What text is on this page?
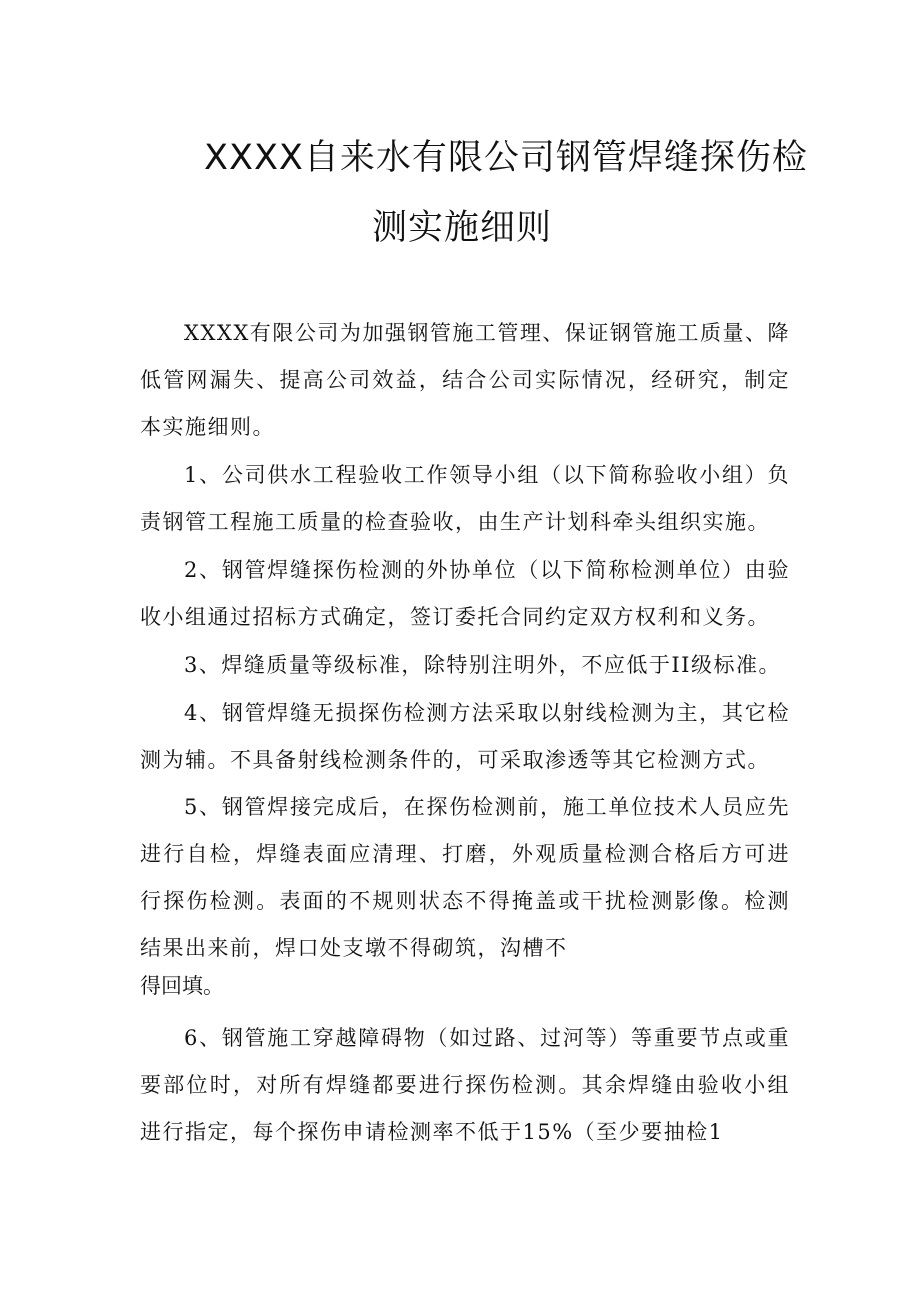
XXXX自来水有限公司钢管焊缝探伤检
测实施细则

XXXX有限公司为加强钢管施工管理、保证钢管施工质量、降低管网漏失、提高公司效益，结合公司实际情况，经研究，制定本实施细则。

1、公司供水工程验收工作领导小组（以下简称验收小组）负责钢管工程施工质量的检查验收，由生产计划科牵头组织实施。

2、钢管焊缝探伤检测的外协单位（以下简称检测单位）由验收小组通过招标方式确定，签订委托合同约定双方权利和义务。

3、焊缝质量等级标准，除特别注明外，不应低于II级标准。

4、钢管焊缝无损探伤检测方法采取以射线检测为主，其它检测为辅。不具备射线检测条件的，可采取渗透等其它检测方式。

5、钢管焊接完成后，在探伤检测前，施工单位技术人员应先进行自检，焊缝表面应清理、打磨，外观质量检测合格后方可进行探伤检测。表面的不规则状态不得掩盖或干扰检测影像。检测结果出来前，焊口处支墩不得砌筑，沟槽不

得回填。

6、钢管施工穿越障碍物（如过路、过河等）等重要节点或重要部位时，对所有焊缝都要进行探伤检测。其余焊缝由验收小组进行指定，每个探伤申请检测率不低于15%（至少要抽检1
